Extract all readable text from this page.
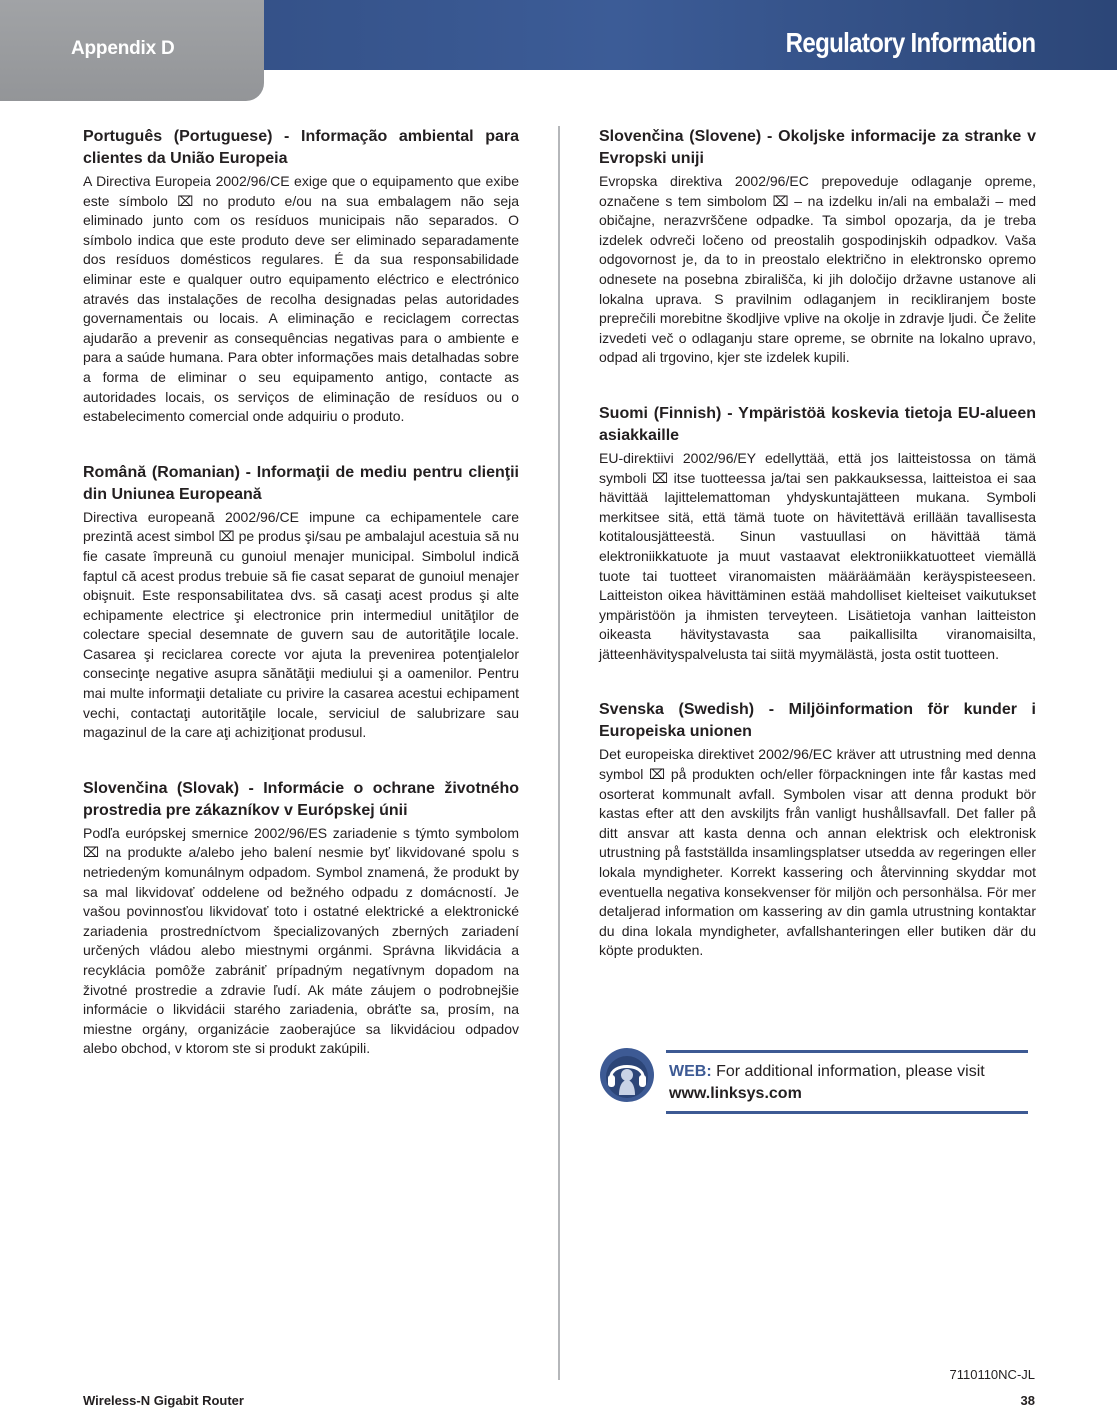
Appendix D	Regulatory Information
Português (Portuguese) - Informação ambiental para clientes da União Europeia

A Directiva Europeia 2002/96/CE exige que o equipamento que exibe este símbolo ⌧ no produto e/ou na sua embalagem não seja eliminado junto com os resíduos municipais não separados. O símbolo indica que este produto deve ser eliminado separadamente dos resíduos domésticos regulares. É da sua responsabilidade eliminar este e qualquer outro equipamento eléctrico e electrónico através das instalações de recolha designadas pelas autoridades governamentais ou locais. A eliminação e reciclagem correctas ajudarão a prevenir as consequências negativas para o ambiente e para a saúde humana. Para obter informações mais detalhadas sobre a forma de eliminar o seu equipamento antigo, contacte as autoridades locais, os serviços de eliminação de resíduos ou o estabelecimento comercial onde adquiriu o produto.

Română (Romanian) - Informaţii de mediu pentru clienţii din Uniunea Europeană

Directiva europeană 2002/96/CE impune ca echipamentele care prezintă acest simbol ⌧ pe produs şi/sau pe ambalajul acestuia să nu fie casate împreună cu gunoiul menajer municipal. Simbolul indică faptul că acest produs trebuie să fie casat separat de gunoiul menajer obişnuit. Este responsabilitatea dvs. să casaţi acest produs şi alte echipamente electrice şi electronice prin intermediul unităţilor de colectare special desemnate de guvern sau de autorităţile locale. Casarea şi reciclarea corecte vor ajuta la prevenirea potenţialelor consecinţe negative asupra sănătăţii mediului şi a oamenilor. Pentru mai multe informaţii detaliate cu privire la casarea acestui echipament vechi, contactaţi autorităţile locale, serviciul de salubrizare sau magazinul de la care aţi achiziţionat produsul.

Slovenčina (Slovak) - Informácie o ochrane životného prostredia pre zákazníkov v Európskej únii

Podľa európskej smernice 2002/96/ES zariadenie s týmto symbolom ⌧ na produkte a/alebo jeho balení nesmie byť likvidované spolu s netriedeným komunálnym odpadom. Symbol znamená, že produkt by sa mal likvidovať oddelene od bežného odpadu z domácností. Je vašou povinnosťou likvidovať toto i ostatné elektrické a elektronické zariadenia prostredníctvom špecializovaných zberných zariadení určených vládou alebo miestnymi orgánmi. Správna likvidácia a recyklácia pomôže zabrániť prípadným negatívnym dopadom na životné prostredie a zdravie ľudí. Ak máte záujem o podrobnejšie informácie o likvidácii starého zariadenia, obráťte sa, prosím, na miestne orgány, organizácie zaoberajúce sa likvidáciou odpadov alebo obchod, v ktorom ste si produkt zakúpili.

Slovenčina (Slovene) - Okoljske informacije za stranke v Evropski uniji

Evropska direktiva 2002/96/EC prepoveduje odlaganje opreme, označene s tem simbolom ⌧ – na izdelku in/ali na embalaži – med običajne, nerazvrščene odpadke. Ta simbol opozarja, da je treba izdelek odvreči ločeno od preostalih gospodinjskih odpadkov. Vaša odgovornost je, da to in preostalo električno in elektronsko opremo odnesete na posebna zbirališča, ki jih določijo državne ustanove ali lokalna uprava. S pravilnim odlaganjem in recikliranjem boste preprečili morebitne škodljive vplive na okolje in zdravje ljudi. Če želite izvedeti več o odlaganju stare opreme, se obrnite na lokalno upravo, odpad ali trgovino, kjer ste izdelek kupili.

Suomi (Finnish) - Ympäristöä koskevia tietoja EU-alueen asiakkaille

EU-direktiivi 2002/96/EY edellyttää, että jos laitteistossa on tämä symboli ⌧ itse tuotteessa ja/tai sen pakkauksessa, laitteistoa ei saa hävittää lajittelemattoman yhdyskuntajätteen mukana. Symboli merkitsee sitä, että tämä tuote on hävitettävä erillään tavallisesta kotitalousjätteestä. Sinun vastuullasi on hävittää tämä elektroniikkatuote ja muut vastaavat elektroniikkatuotteet viemällä tuote tai tuotteet viranomaisten määräämään keräyspisteeseen. Laitteiston oikea hävittäminen estää mahdolliset kielteiset vaikutukset ympäristöön ja ihmisten terveyteen. Lisätietoja vanhan laitteiston oikeasta hävitystavasta saa paikallisilta viranomaisilta, jätteenhävityspalvelusta tai siitä myymälästä, josta ostit tuotteen.

Svenska (Swedish) - Miljöinformation för kunder i Europeiska unionen

Det europeiska direktivet 2002/96/EC kräver att utrustning med denna symbol ⌧ på produkten och/eller förpackningen inte får kastas med osorterat kommunalt avfall. Symbolen visar att denna produkt bör kastas efter att den avskiljts från vanligt hushållsavfall. Det faller på ditt ansvar att kasta denna och annan elektrisk och elektronisk utrustning på fastställda insamlingsplatser utsedda av regeringen eller lokala myndigheter. Korrekt kassering och återvinning skyddar mot eventuella negativa konsekvenser för miljön och personhälsa. För mer detaljerad information om kassering av din gamla utrustning kontaktar du dina lokala myndigheter, avfallshanteringen eller butiken där du köpte produkten.

WEB: For additional information, please visit
www.linksys.com
7110110NC-JL
Wireless-N Gigabit Router	38
